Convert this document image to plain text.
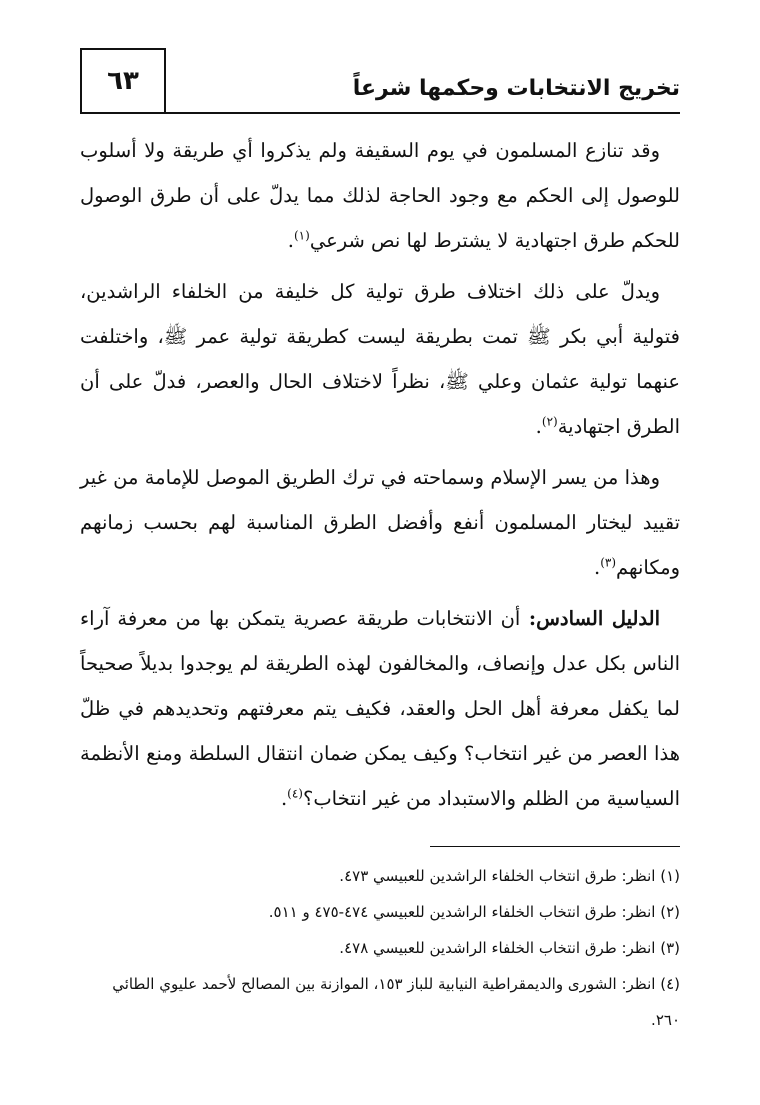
٦٣	تخريج الانتخابات وحكمها شرعاً

وقد تنازع المسلمون في يوم السقيفة ولم يذكروا أي طريقة ولا أسلوب للوصول إلى الحكم مع وجود الحاجة لذلك مما يدلّ على أن طرق الوصول للحكم طرق اجتهادية لا يشترط لها نص شرعي$^{(١)}$.

ويدلّ على ذلك اختلاف طرق تولية كل خليفة من الخلفاء الراشدين، فتولية أبي بكر ﷺ تمت بطريقة ليست كطريقة تولية عمر ﷺ، واختلفت عنهما تولية عثمان وعلي ﷺ، نظراً لاختلاف الحال والعصر، فدلّ على أن الطرق اجتهادية$^{(٢)}$.

وهذا من يسر الإسلام وسماحته في ترك الطريق الموصل للإمامة من غير تقييد ليختار المسلمون أنفع وأفضل الطرق المناسبة لهم بحسب زمانهم ومكانهم$^{(٣)}$.

الدليل السادس: أن الانتخابات طريقة عصرية يتمكن بها من معرفة آراء الناس بكل عدل وإنصاف، والمخالفون لهذه الطريقة لم يوجدوا بديلاً صحيحاً لما يكفل معرفة أهل الحل والعقد، فكيف يتم معرفتهم وتحديدهم في ظلّ هذا العصر من غير انتخاب؟ وكيف يمكن ضمان انتقال السلطة ومنع الأنظمة السياسية من الظلم والاستبداد من غير انتخاب؟$^{(٤)}$.

(١) انظر: طرق انتخاب الخلفاء الراشدين للعبيسي ٤٧٣.

(٢) انظر: طرق انتخاب الخلفاء الراشدين للعبيسي ٤٧٤-٤٧٥ و ٥١١.

(٣) انظر: طرق انتخاب الخلفاء الراشدين للعبيسي ٤٧٨.

(٤) انظر: الشورى والديمقراطية النيابية للباز ١٥٣، الموازنة بين المصالح لأحمد عليوي الطائي ٢٦٠.
